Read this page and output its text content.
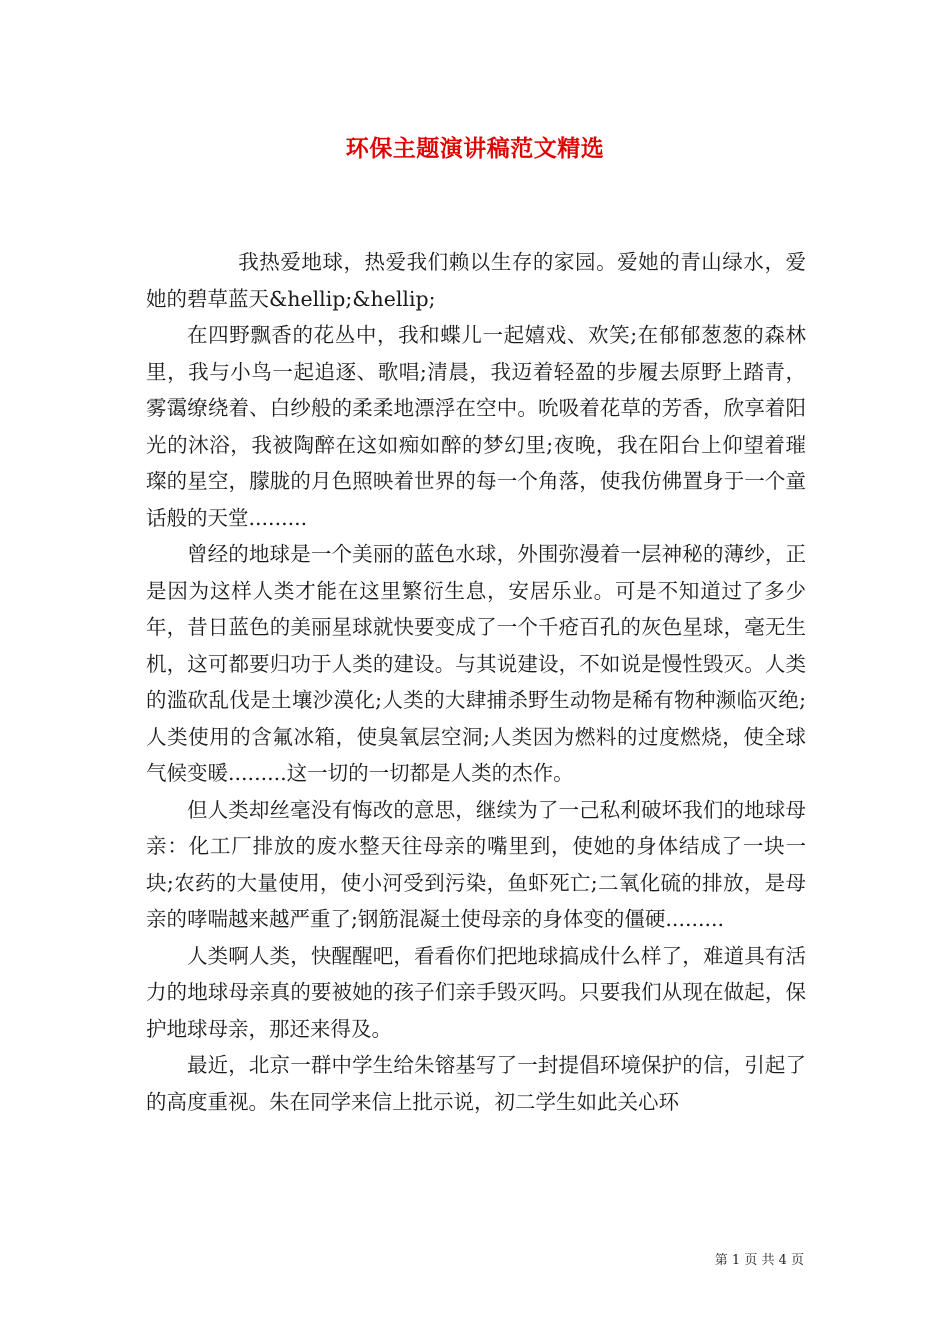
环保主题演讲稿范文精选

我热爱地球，热爱我们赖以生存的家园。爱她的青山绿水，爱她的碧草蓝天&hellip;&hellip;

在四野飘香的花丛中，我和蝶儿一起嬉戏、欢笑;在郁郁葱葱的森林里，我与小鸟一起追逐、歌唱;清晨，我迈着轻盈的步履去原野上踏青，雾霭缭绕着、白纱般的柔柔地漂浮在空中。吮吸着花草的芳香，欣享着阳光的沐浴，我被陶醉在这如痴如醉的梦幻里;夜晚，我在阳台上仰望着璀璨的星空，朦胧的月色照映着世界的每一个角落，使我仿佛置身于一个童话般的天堂.........

曾经的地球是一个美丽的蓝色水球，外围弥漫着一层神秘的薄纱，正是因为这样人类才能在这里繁衍生息，安居乐业。可是不知道过了多少年，昔日蓝色的美丽星球就快要变成了一个千疮百孔的灰色星球，毫无生机，这可都要归功于人类的建设。与其说建设，不如说是慢性毁灭。人类的滥砍乱伐是土壤沙漠化;人类的大肆捕杀野生动物是稀有物种濒临灭绝;人类使用的含氟冰箱，使臭氧层空洞;人类因为燃料的过度燃烧，使全球气候变暖.........这一切的一切都是人类的杰作。

但人类却丝毫没有悔改的意思，继续为了一己私利破坏我们的地球母亲：化工厂排放的废水整天往母亲的嘴里到，使她的身体结成了一块一块;农药的大量使用，使小河受到污染，鱼虾死亡;二氧化硫的排放，是母亲的哮喘越来越严重了;钢筋混凝土使母亲的身体变的僵硬.........

人类啊人类，快醒醒吧，看看你们把地球搞成什么样了，难道具有活力的地球母亲真的要被她的孩子们亲手毁灭吗。只要我们从现在做起，保护地球母亲，那还来得及。

最近，北京一群中学生给朱镕基写了一封提倡环境保护的信，引起了的高度重视。朱在同学来信上批示说，初二学生如此关心环

第 1 页 共 4 页
